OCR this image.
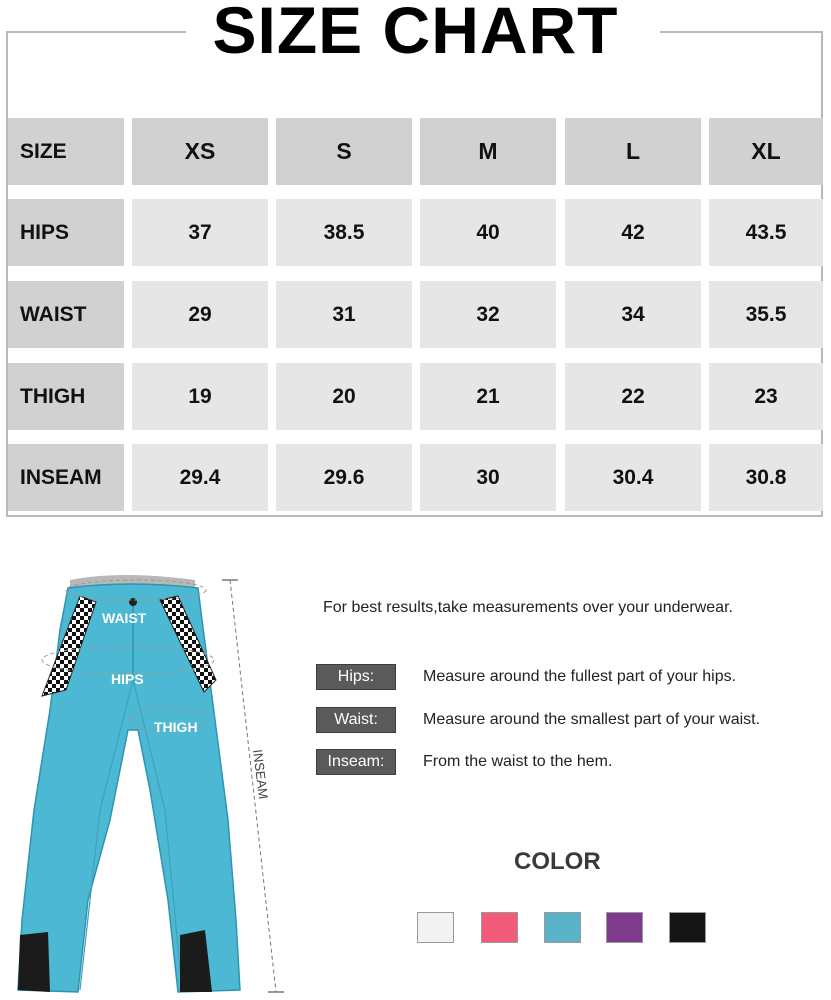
SIZE CHART
SIZE	XS	S	M	L	XL
HIPS	37	38.5	40	42	43.5
WAIST	29	31	32	34	35.5
THIGH	19	20	21	22	23
INSEAM	29.4	29.6	30	30.4	30.8
WAIST
HIPS
THIGH
INSEAM
For best results,take measurements over your underwear.
Hips:	Measure around the fullest part of your hips.
Waist:	Measure around the smallest part of your waist.
Inseam:	From the waist to the hem.
COLOR
